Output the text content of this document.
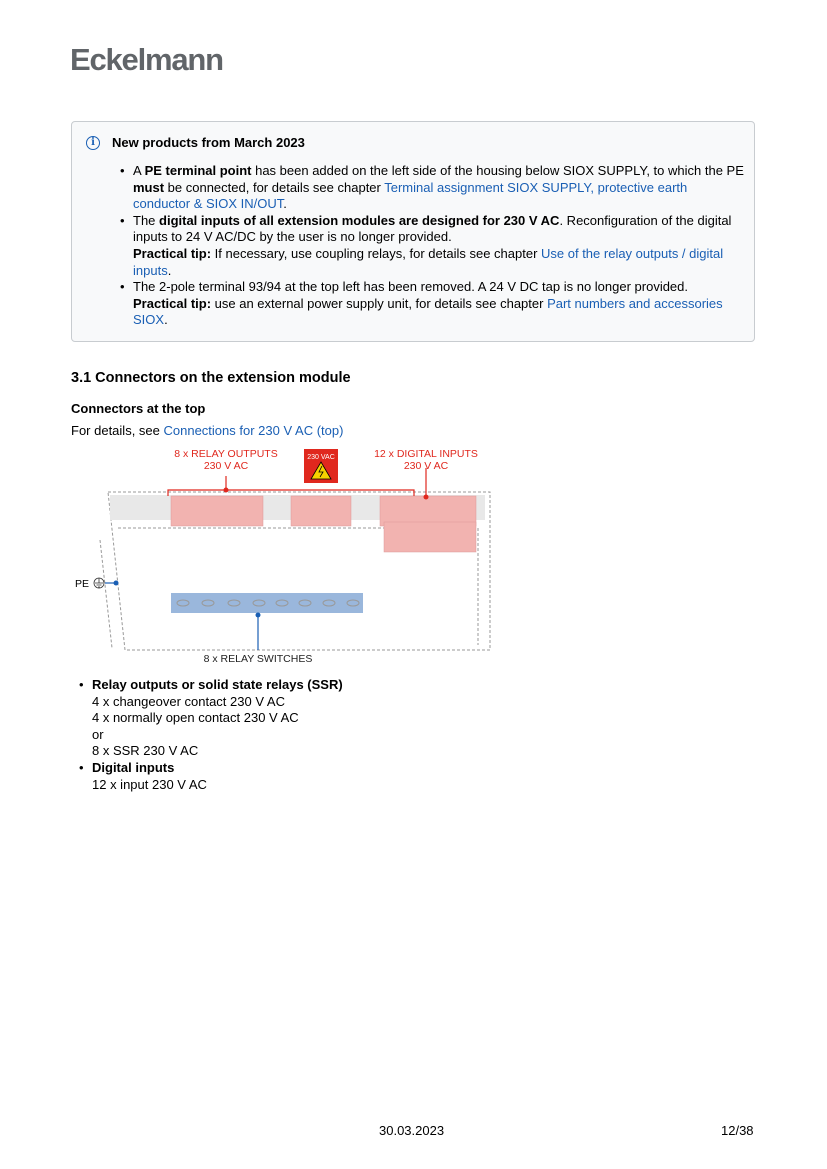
Eckelmann
i	New products from March 2023
• A PE terminal point has been added on the left side of the housing below SIOX SUPPLY, to which the PE must be connected, for details see chapter Terminal assignment SIOX SUPPLY, protective earth conductor & SIOX IN/OUT.
• The digital inputs of all extension modules are designed for 230 V AC. Reconfiguration of the digital inputs to 24 V AC/DC by the user is no longer provided.
Practical tip: If necessary, use coupling relays, for details see chapter Use of the relay outputs / digital inputs.
• The 2-pole terminal 93/94 at the top left has been removed. A 24 V DC tap is no longer provided.
Practical tip: use an external power supply unit, for details see chapter Part numbers and accessories SIOX.
3.1 Connectors on the extension module
Connectors at the top
For details, see Connections for 230 V AC (top)
8 x RELAY OUTPUTS
230 V AC
12 x DIGITAL INPUTS
230 V AC
230 VAC
PE
8 x RELAY SWITCHES
• Relay outputs or solid state relays (SSR)
4 x changeover contact 230 V AC
4 x normally open contact 230 V AC
or
8 x SSR 230 V AC
• Digital inputs
12 x input 230 V AC
30.03.2023	12/38
